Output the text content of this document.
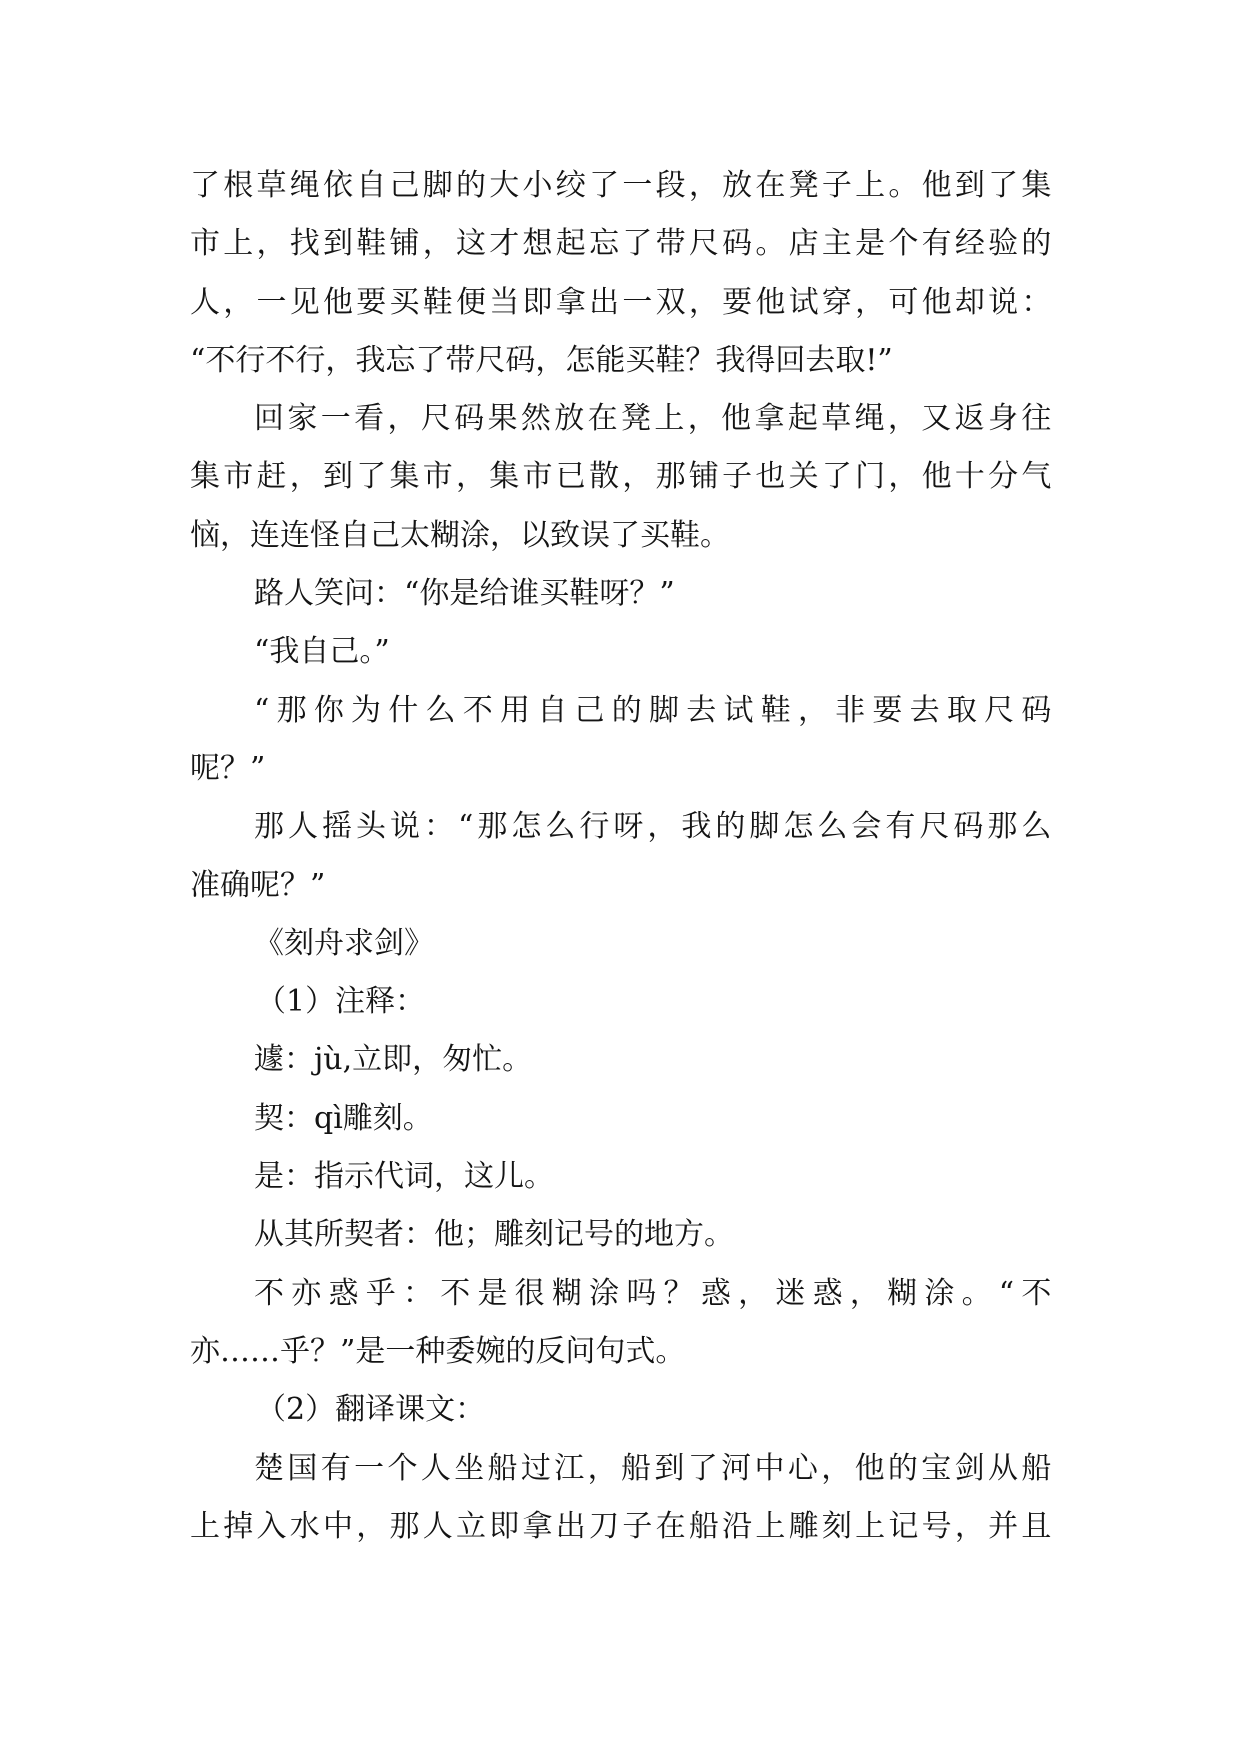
了根草绳依自己脚的大小绞了一段，放在凳子上。他到了集
市上，找到鞋铺，这才想起忘了带尺码。店主是个有经验的
人，一见他要买鞋便当即拿出一双，要他试穿，可他却说：
“不行不行，我忘了带尺码，怎能买鞋？我得回去取!”
回家一看，尺码果然放在凳上，他拿起草绳，又返身往
集市赶，到了集市，集市已散，那铺子也关了门，他十分气
恼，连连怪自己太糊涂，以致误了买鞋。
路人笑问：“你是给谁买鞋呀？”
“我自己。”
“那你为什么不用自己的脚去试鞋，非要去取尺码
呢？”
那人摇头说：“那怎么行呀，我的脚怎么会有尺码那么
准确呢？”
《刻舟求剑》
（1）注释：
遽：jù,立即，匆忙。
契：qì雕刻。
是：指示代词，这儿。
从其所契者：他；雕刻记号的地方。
不亦惑乎：不是很糊涂吗？惑，迷惑，糊涂。“不
亦……乎？”是一种委婉的反问句式。
（2）翻译课文：
楚国有一个人坐船过江，船到了河中心，他的宝剑从船
上掉入水中，那人立即拿出刀子在船沿上雕刻上记号，并且
